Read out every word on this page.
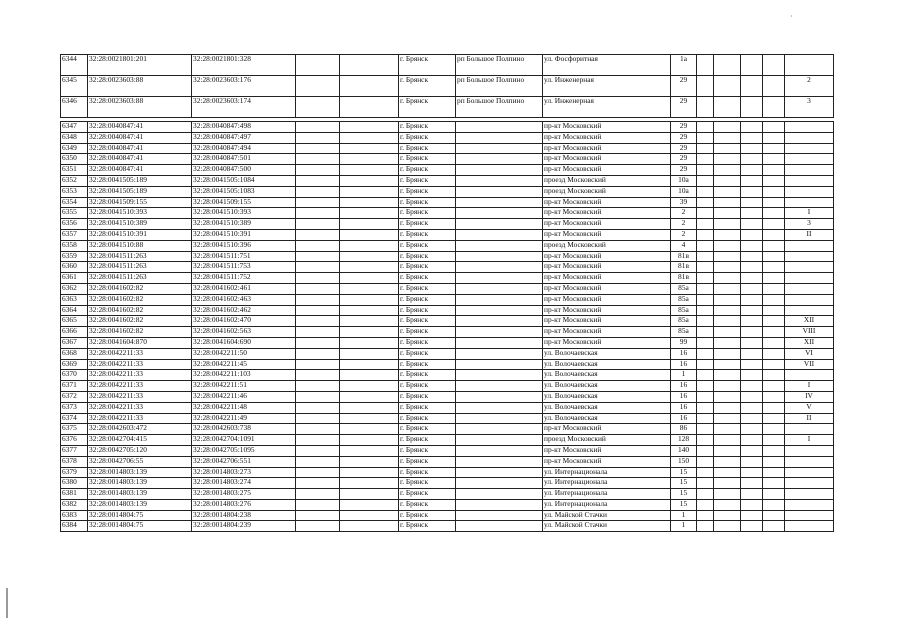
·
6344	32:28:0021801:201	32:28:0021801:328			г. Брянск	рп Большое Полпино	ул. Фосфоритная	1а					
6345	32:28:0023603:88	32:28:0023603:176			г. Брянск	рп Большое Полпино	ул. Инженерная	29					2
6346	32:28:0023603:88	32:28:0023603:174			г. Брянск	рп Большое Полпино	ул. Инженерная	29					3

6347	32:28:0040847:41	32:28:0040847:498			г. Брянск		пр-кт Московский	29					
6348	32:28:0040847:41	32:28:0040847:497			г. Брянск		пр-кт Московский	29					
6349	32:28:0040847:41	32:28:0040847:494			г. Брянск		пр-кт Московский	29					
6350	32:28:0040847:41	32:28:0040847:501			г. Брянск		пр-кт Московский	29					
6351	32:28:0040847:41	32:28:0040847:500			г. Брянск		пр-кт Московский	29					
6352	32:28:0041505:189	32:28:0041505:1084			г. Брянск		проезд Московский	10а					
6353	32:28:0041505:189	32:28:0041505:1083			г. Брянск		проезд Московский	10а					
6354	32:28:0041509:155	32:28:0041509:155			г. Брянск		пр-кт Московский	39					
6355	32:28:0041510:393	32:28:0041510:393			г. Брянск		пр-кт Московский	2					I
6356	32:28:0041510:389	32:28:0041510:389			г. Брянск		пр-кт Московский	2					3
6357	32:28:0041510:391	32:28:0041510:391			г. Брянск		пр-кт Московский	2					II
6358	32:28:0041510:88	32:28:0041510:396			г. Брянск		проезд Московский	4					
6359	32:28:0041511:263	32:28:0041511:751			г. Брянск		пр-кт Московский	81в					
6360	32:28:0041511:263	32:28:0041511:753			г. Брянск		пр-кт Московский	81в					
6361	32:28:0041511:263	32:28:0041511:752			г. Брянск		пр-кт Московский	81в					
6362	32:28:0041602:82	32:28:0041602:461			г. Брянск		пр-кт Московский	85а					
6363	32:28:0041602:82	32:28:0041602:463			г. Брянск		пр-кт Московский	85а					
6364	32:28:0041602:82	32:28:0041602:462			г. Брянск		пр-кт Московский	85а					
6365	32:28:0041602:82	32:28:0041602:470			г. Брянск		пр-кт Московский	85а					XII
6366	32:28:0041602:82	32:28:0041602:563			г. Брянск		пр-кт Московский	85а					VIII
6367	32:28:0041604:870	32:28:0041604:690			г. Брянск		пр-кт Московский	99					XII
6368	32:28:0042211:33	32:28:0042211:50			г. Брянск		ул. Волочаевская	16					VI
6369	32:28:0042211:33	32:28:0042211:45			г. Брянск		ул. Волочаевская	16					VII
6370	32:28:0042211:33	32:28:0042211:103			г. Брянск		ул. Волочаевская	1					
6371	32:28:0042211:33	32:28:0042211:51			г. Брянск		ул. Волочаевская	16					I
6372	32:28:0042211:33	32:28:0042211:46			г. Брянск		ул. Волочаевская	16					IV
6373	32:28:0042211:33	32:28:0042211:48			г. Брянск		ул. Волочаевская	16					V
6374	32:28:0042211:33	32:28:0042211:49			г. Брянск		ул. Волочаевская	16					II
6375	32:28:0042603:472	32:28:0042603:738			г. Брянск		пр-кт Московский	86					
6376	32:28:0042704:415	32:28:0042704:1091			г. Брянск		проезд Московский	128					I
6377	32:28:0042705:120	32:28:0042705:1095			г. Брянск		пр-кт Московский	140					
6378	32:28:0042706:55	32:28:0042706:551			г. Брянск		пр-кт Московский	150					
6379	32:28:0014803:139	32:28:0014803:273			г. Брянск		ул. Интернационала	15					
6380	32:28:0014803:139	32:28:0014803:274			г. Брянск		ул. Интернационала	15					
6381	32:28:0014803:139	32:28:0014803:275			г. Брянск		ул. Интернационала	15					
6382	32:28:0014803:139	32:28:0014803:276			г. Брянск		ул. Интернационала	15					
6383	32:28:0014804:75	32:28:0014804:238			г. Брянск		ул. Майской Стачки	1					
6384	32:28:0014804:75	32:28:0014804:239			г. Брянск		ул. Майской Стачки	1					
